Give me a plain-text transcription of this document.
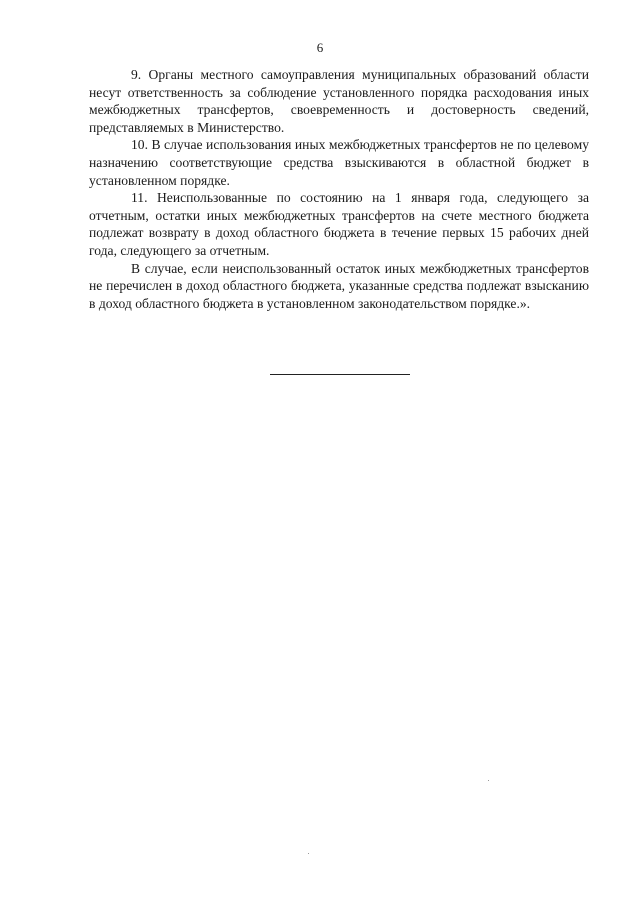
6

9. Органы местного самоуправления муниципальных образований области несут ответственность за соблюдение установленного порядка расходования иных межбюджетных трансфертов, своевременность и достоверность сведений, представляемых в Министерство.

10. В случае использования иных межбюджетных трансфертов не по целевому назначению соответствующие средства взыскиваются в областной бюджет в установленном порядке.

11. Неиспользованные по состоянию на 1 января года, следующего за отчетным, остатки иных межбюджетных трансфертов на счете местного бюджета подлежат возврату в доход областного бюджета в течение первых 15 рабочих дней года, следующего за отчетным.

В случае, если неиспользованный остаток иных межбюджетных трансфертов не перечислен в доход областного бюджета, указанные средства подлежат взысканию в доход областного бюджета в установленном законодательством порядке.».
